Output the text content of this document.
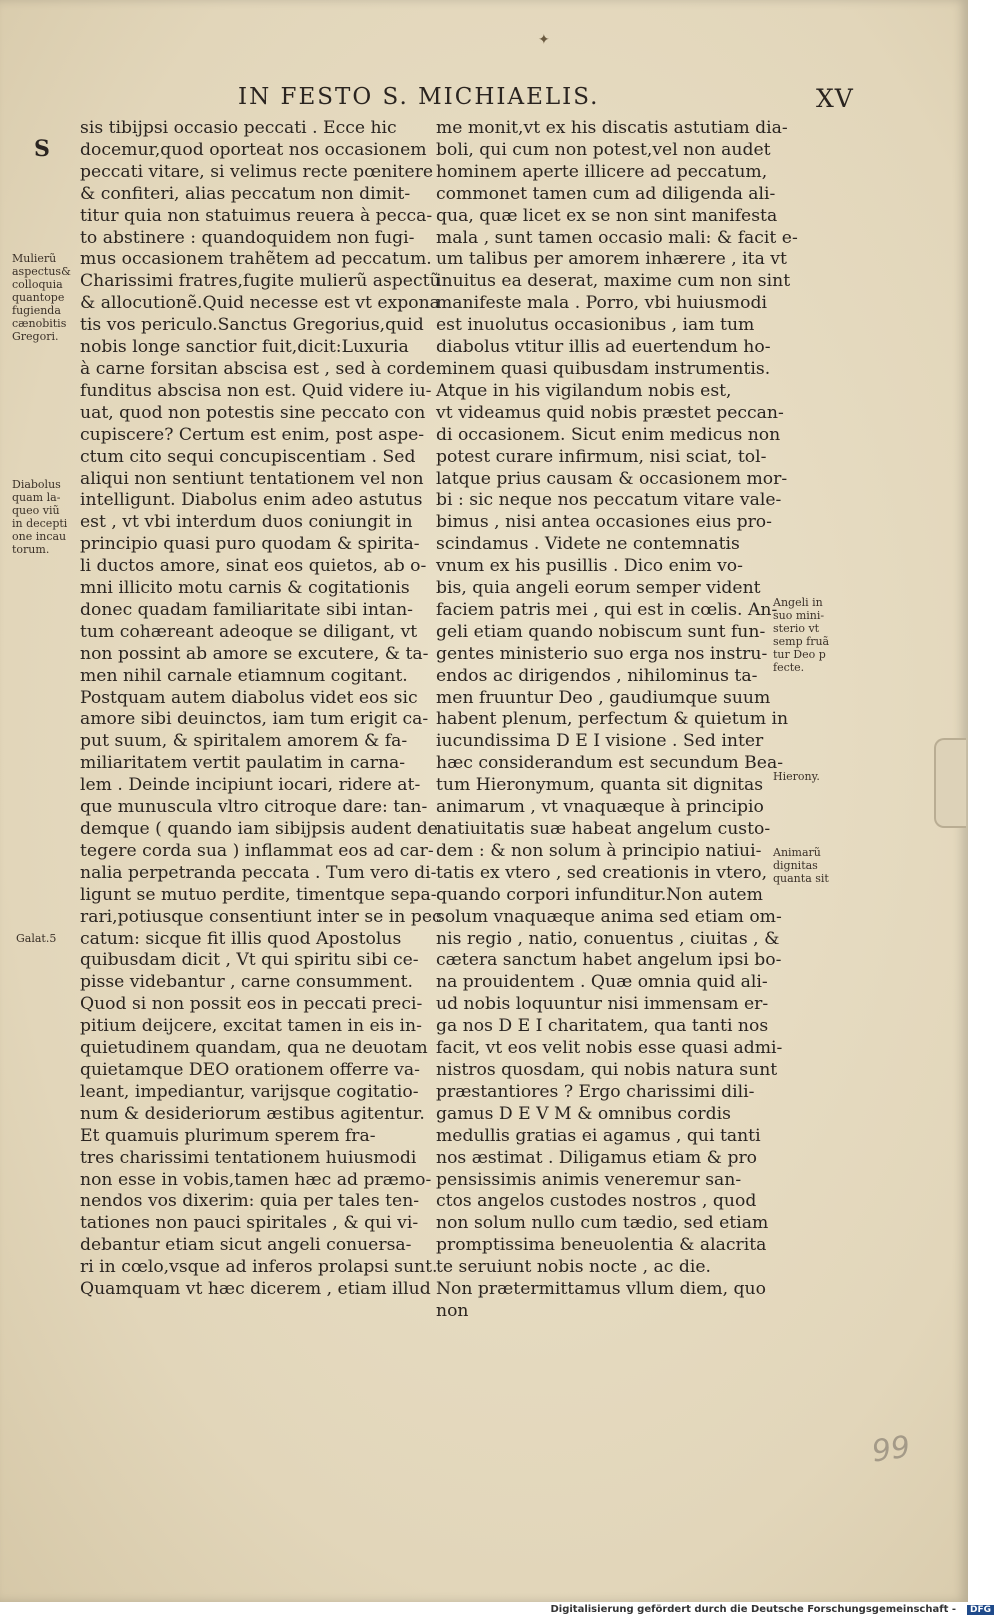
✦
IN FESTO S. MICHIAELIS.	XV
S
sis tibijpsi occasio peccati . Ecce hic
docemur,quod oporteat nos occasionem
peccati vitare, si velimus recte pœnitere
& confiteri, alias peccatum non dimit-
titur quia non statuimus reuera à pecca-
to abstinere : quandoquidem non fugi-
mus occasionem trahẽtem ad peccatum.
Charissimi fratres,fugite mulierũ aspectũ
& allocutionẽ.Quid necesse est vt expona
tis vos periculo.Sanctus Gregorius,quid
nobis longe sanctior fuit,dicit:Luxuria
à carne forsitan abscisa est , sed à corde
funditus abscisa non est. Quid videre iu-
uat, quod non potestis sine peccato con
cupiscere? Certum est enim, post aspe-
ctum cito sequi concupiscentiam . Sed
aliqui non sentiunt tentationem vel non
intelligunt. Diabolus enim adeo astutus
est , vt vbi interdum duos coniungit in
principio quasi puro quodam & spirita-
li ductos amore, sinat eos quietos, ab o-
mni illicito motu carnis & cogitationis
donec quadam familiaritate sibi intan-
tum cohæreant adeoque se diligant, vt
non possint ab amore se excutere, & ta-
men nihil carnale etiamnum cogitant.
Postquam autem diabolus videt eos sic
amore sibi deuinctos, iam tum erigit ca-
put suum, & spiritalem amorem & fa-
miliaritatem vertit paulatim in carna-
lem . Deinde incipiunt iocari, ridere at-
que munuscula vltro citroque dare: tan-
demque ( quando iam sibijpsis audent de
tegere corda sua ) inflammat eos ad car-
nalia perpetranda peccata . Tum vero di-
ligunt se mutuo perdite, timentque sepa-
rari,potiusque consentiunt inter se in pec
catum: sicque fit illis quod Apostolus
quibusdam dicit , Vt qui spiritu sibi ce-
pisse videbantur , carne consumment.
Quod si non possit eos in peccati preci-
pitium deijcere, excitat tamen in eis in-
quietudinem quandam, qua ne deuotam
quietamque DEO orationem offerre va-
leant, impediantur, varijsque cogitatio-
num & desideriorum æstibus agitentur.
Et quamuis plurimum sperem fra-
tres charissimi tentationem huiusmodi
non esse in vobis,tamen hæc ad præmo-
nendos vos dixerim: quia per tales ten-
tationes non pauci spiritales , & qui vi-
debantur etiam sicut angeli conuersa-
ri in cœlo,vsque ad inferos prolapsi sunt.
Quamquam vt hæc dicerem , etiam illud
me monit,vt ex his discatis astutiam dia-
boli, qui cum non potest,vel non audet
hominem aperte illicere ad peccatum,
commonet tamen cum ad diligenda ali-
qua, quæ licet ex se non sint manifesta
mala , sunt tamen occasio mali: & facit e-
um talibus per amorem inhærere , ita vt
inuitus ea deserat, maxime cum non sint
manifeste mala . Porro, vbi huiusmodi
est inuolutus occasionibus , iam tum
diabolus vtitur illis ad euertendum ho-
minem quasi quibusdam instrumentis.
Atque in his vigilandum nobis est,
vt videamus quid nobis præstet peccan-
di occasionem. Sicut enim medicus non
potest curare infirmum, nisi sciat, tol-
latque prius causam & occasionem mor-
bi : sic neque nos peccatum vitare vale-
bimus , nisi antea occasiones eius pro-
scindamus . Videte ne contemnatis
vnum ex his pusillis . Dico enim vo-
bis, quia angeli eorum semper vident
faciem patris mei , qui est in cœlis. An-
geli etiam quando nobiscum sunt fun-
gentes ministerio suo erga nos instru-
endos ac dirigendos , nihilominus ta-
men fruuntur Deo , gaudiumque suum
habent plenum, perfectum & quietum in
iucundissima D E I visione . Sed inter
hæc considerandum est secundum Bea-
tum Hieronymum, quanta sit dignitas
animarum , vt vnaquæque à principio
natiuitatis suæ habeat angelum custo-
dem : & non solum à principio natiui-
tatis ex vtero , sed creationis in vtero,
quando corpori infunditur.Non autem
solum vnaquæque anima sed etiam om-
nis regio , natio, conuentus , ciuitas , &
cætera sanctum habet angelum ipsi bo-
na prouidentem . Quæ omnia quid ali-
ud nobis loquuntur nisi immensam er-
ga nos D E I charitatem, qua tanti nos
facit, vt eos velit nobis esse quasi admi-
nistros quosdam, qui nobis natura sunt
præstantiores ? Ergo charissimi dili-
gamus D E V M & omnibus cordis
medullis gratias ei agamus , qui tanti
nos æstimat . Diligamus etiam & pro
pensissimis animis veneremur san-
ctos angelos custodes nostros , quod
non solum nullo cum tædio, sed etiam
promptissima beneuolentia & alacrita
te seruiunt nobis nocte , ac die.
Non prætermittamus vllum diem, quo
non
Mulierũ
aspectus&
colloquia
quantope
fugienda
cænobitis
Gregori.
Diabolus
quam la-
queo viũ
in decepti
one incau
torum.
Galat.5
Angeli in
suo mini-
sterio vt
semp fruã
tur Deo p
fecte.
Hierony.
Animarũ
dignitas
quanta sit
99
Digitalisierung gefördert durch die Deutsche Forschungsgemeinschaft -	DFG
